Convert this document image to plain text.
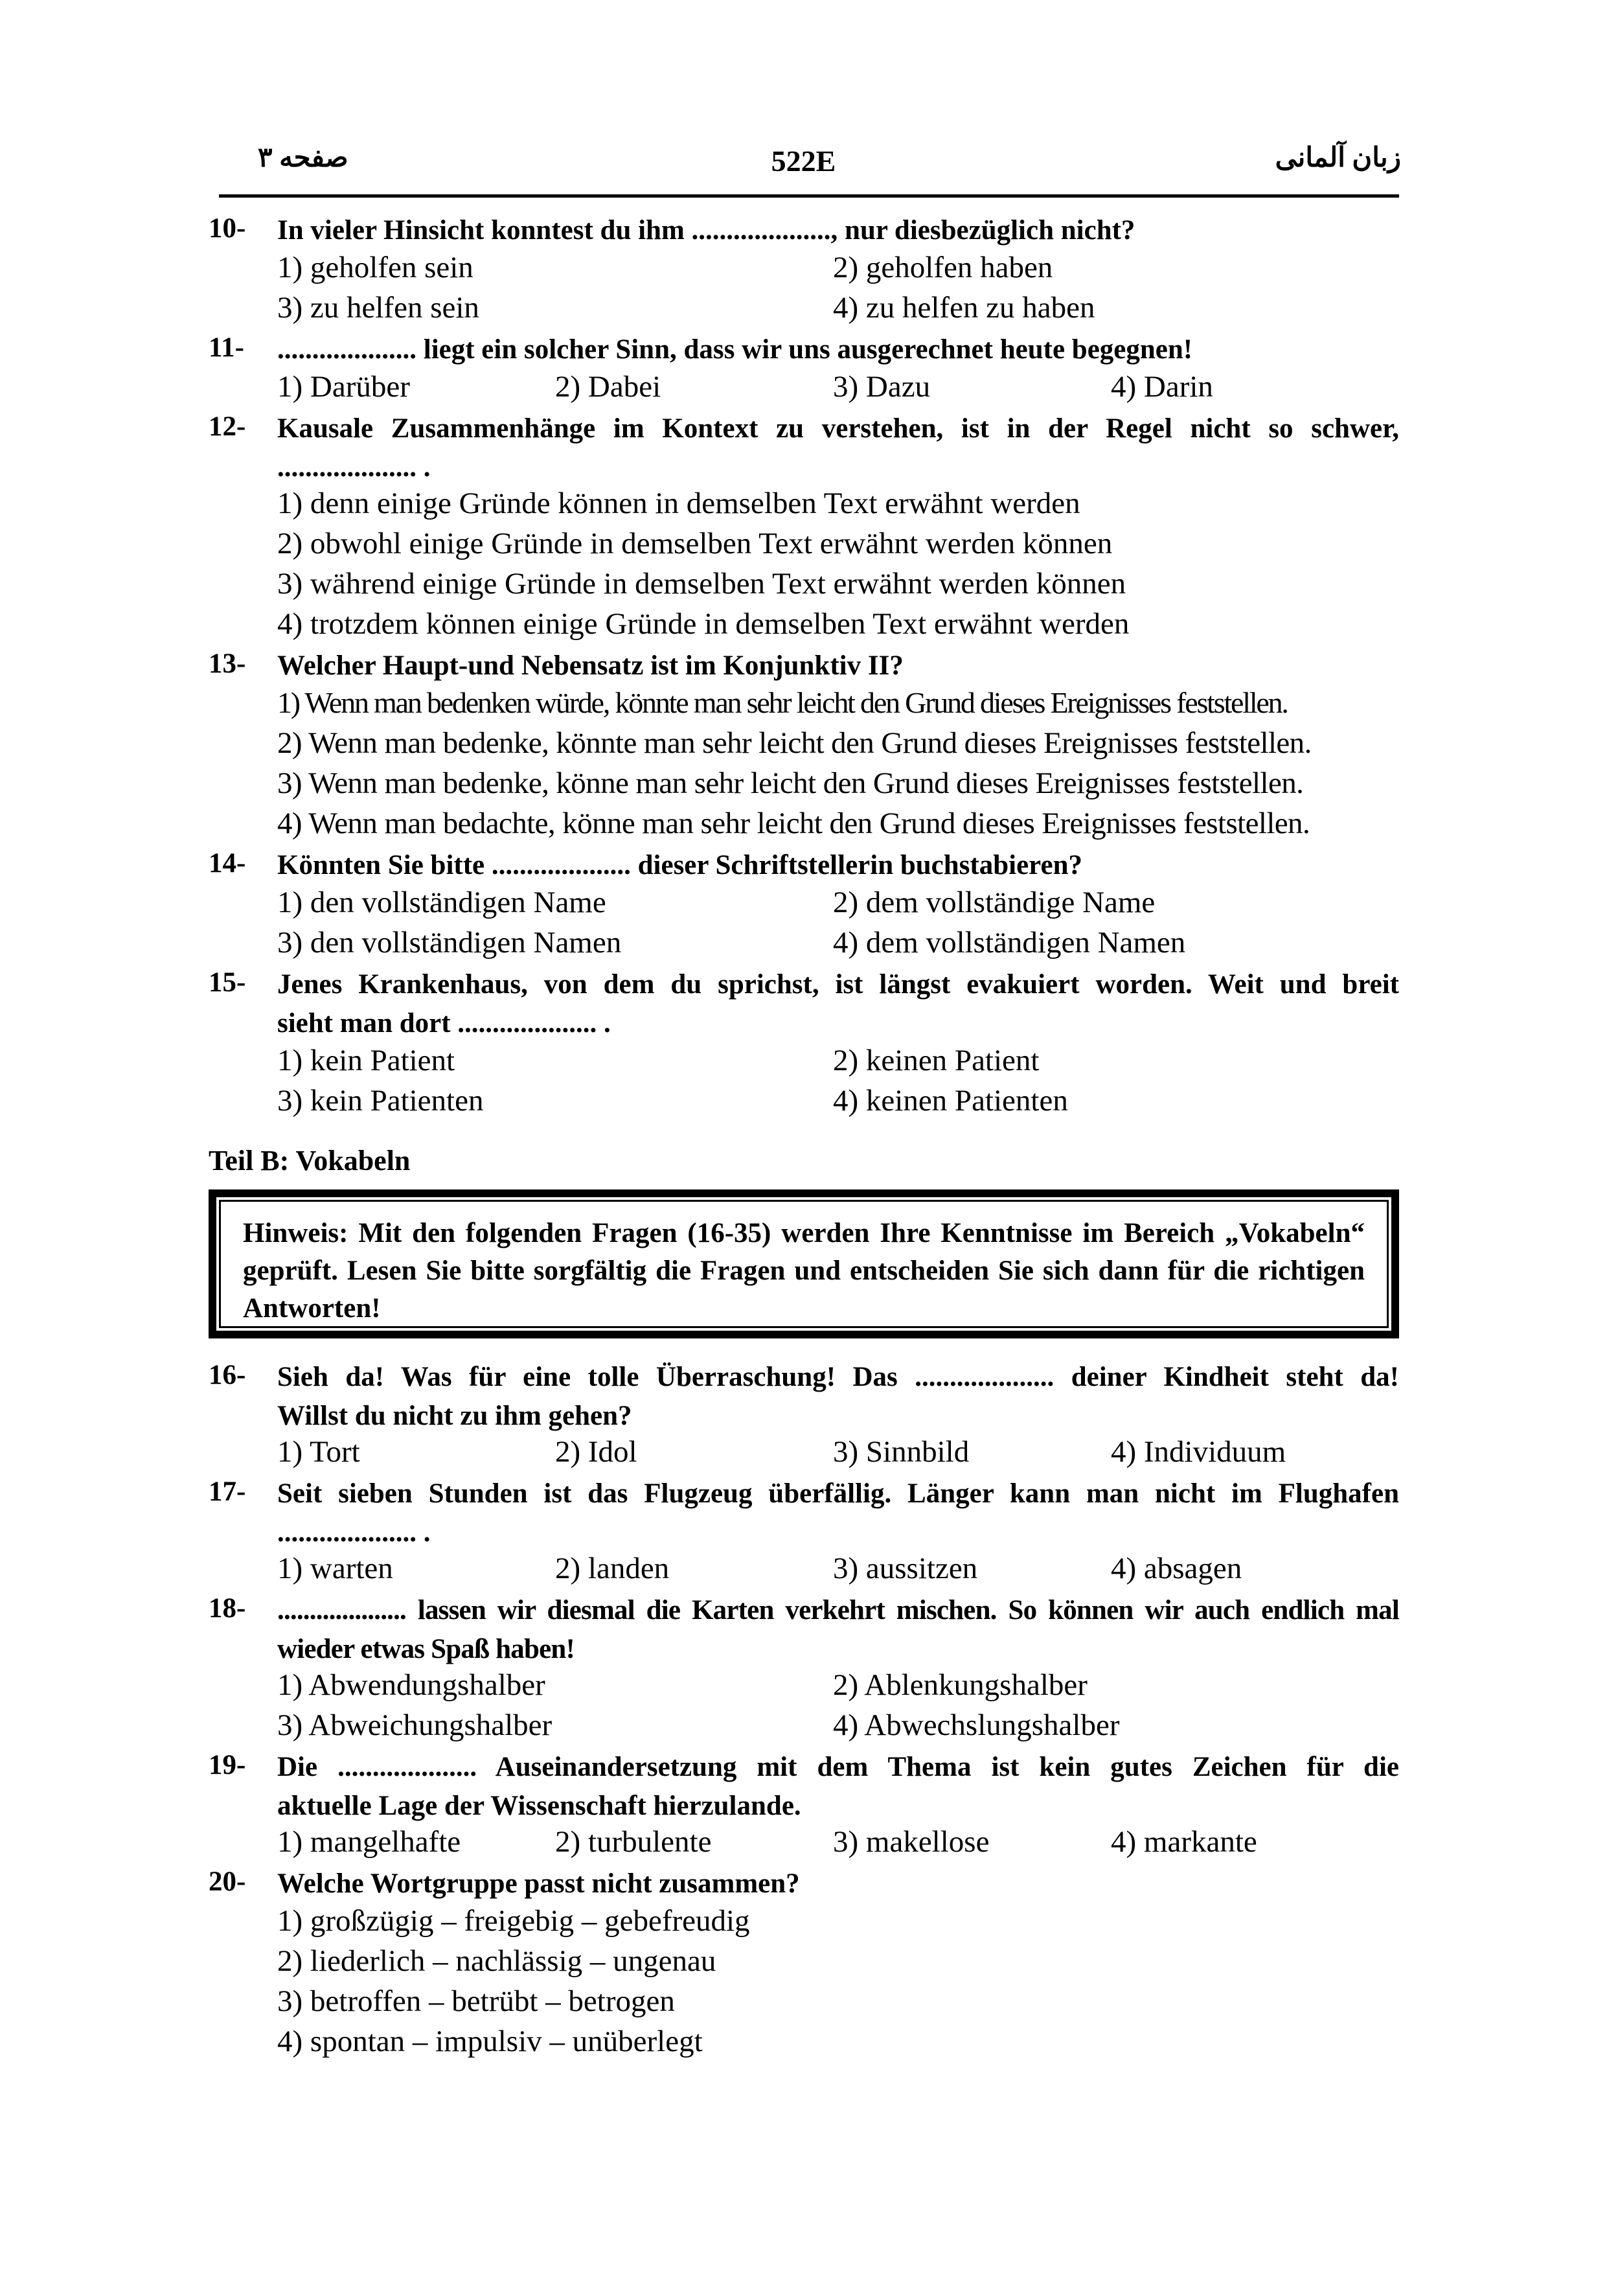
صفحه ۳	522E	زبان آلمانی
10- In vieler Hinsicht konntest du ihm ...................., nur diesbezüglich nicht?
1) geholfen sein	2) geholfen haben
3) zu helfen sein	4) zu helfen zu haben
11- .................... liegt ein solcher Sinn, dass wir uns ausgerechnet heute begegnen!
1) Darüber	2) Dabei	3) Dazu	4) Darin
12- Kausale Zusammenhänge im Kontext zu verstehen, ist in der Regel nicht so schwer,
.................... .
1) denn einige Gründe können in demselben Text erwähnt werden
2) obwohl einige Gründe in demselben Text erwähnt werden können
3) während einige Gründe in demselben Text erwähnt werden können
4) trotzdem können einige Gründe in demselben Text erwähnt werden
13- Welcher Haupt-und Nebensatz ist im Konjunktiv II?
1) Wenn man bedenken würde, könnte man sehr leicht den Grund dieses Ereignisses feststellen.
2) Wenn man bedenke, könnte man sehr leicht den Grund dieses Ereignisses feststellen.
3) Wenn man bedenke, könne man sehr leicht den Grund dieses Ereignisses feststellen.
4) Wenn man bedachte, könne man sehr leicht den Grund dieses Ereignisses feststellen.
14- Könnten Sie bitte .................... dieser Schriftstellerin buchstabieren?
1) den vollständigen Name	2) dem vollständige Name
3) den vollständigen Namen	4) dem vollständigen Namen
15- Jenes Krankenhaus, von dem du sprichst, ist längst evakuiert worden. Weit und breit
sieht man dort .................... .
1) kein Patient	2) keinen Patient
3) kein Patienten	4) keinen Patienten
Teil B: Vokabeln
Hinweis: Mit den folgenden Fragen (16-35) werden Ihre Kenntnisse im Bereich „Vokabeln“
geprüft. Lesen Sie bitte sorgfältig die Fragen und entscheiden Sie sich dann für die richtigen
Antworten!
16- Sieh da! Was für eine tolle Überraschung! Das .................... deiner Kindheit steht da!
Willst du nicht zu ihm gehen?
1) Tort	2) Idol	3) Sinnbild	4) Individuum
17- Seit sieben Stunden ist das Flugzeug überfällig. Länger kann man nicht im Flughafen
.................... .
1) warten	2) landen	3) aussitzen	4) absagen
18- .................... lassen wir diesmal die Karten verkehrt mischen. So können wir auch endlich mal
wieder etwas Spaß haben!
1) Abwendungshalber	2) Ablenkungshalber
3) Abweichungshalber	4) Abwechslungshalber
19- Die .................... Auseinandersetzung mit dem Thema ist kein gutes Zeichen für die
aktuelle Lage der Wissenschaft hierzulande.
1) mangelhafte	2) turbulente	3) makellose	4) markante
20- Welche Wortgruppe passt nicht zusammen?
1) großzügig – freigebig – gebefreudig
2) liederlich – nachlässig – ungenau
3) betroffen – betrübt – betrogen
4) spontan – impulsiv – unüberlegt
